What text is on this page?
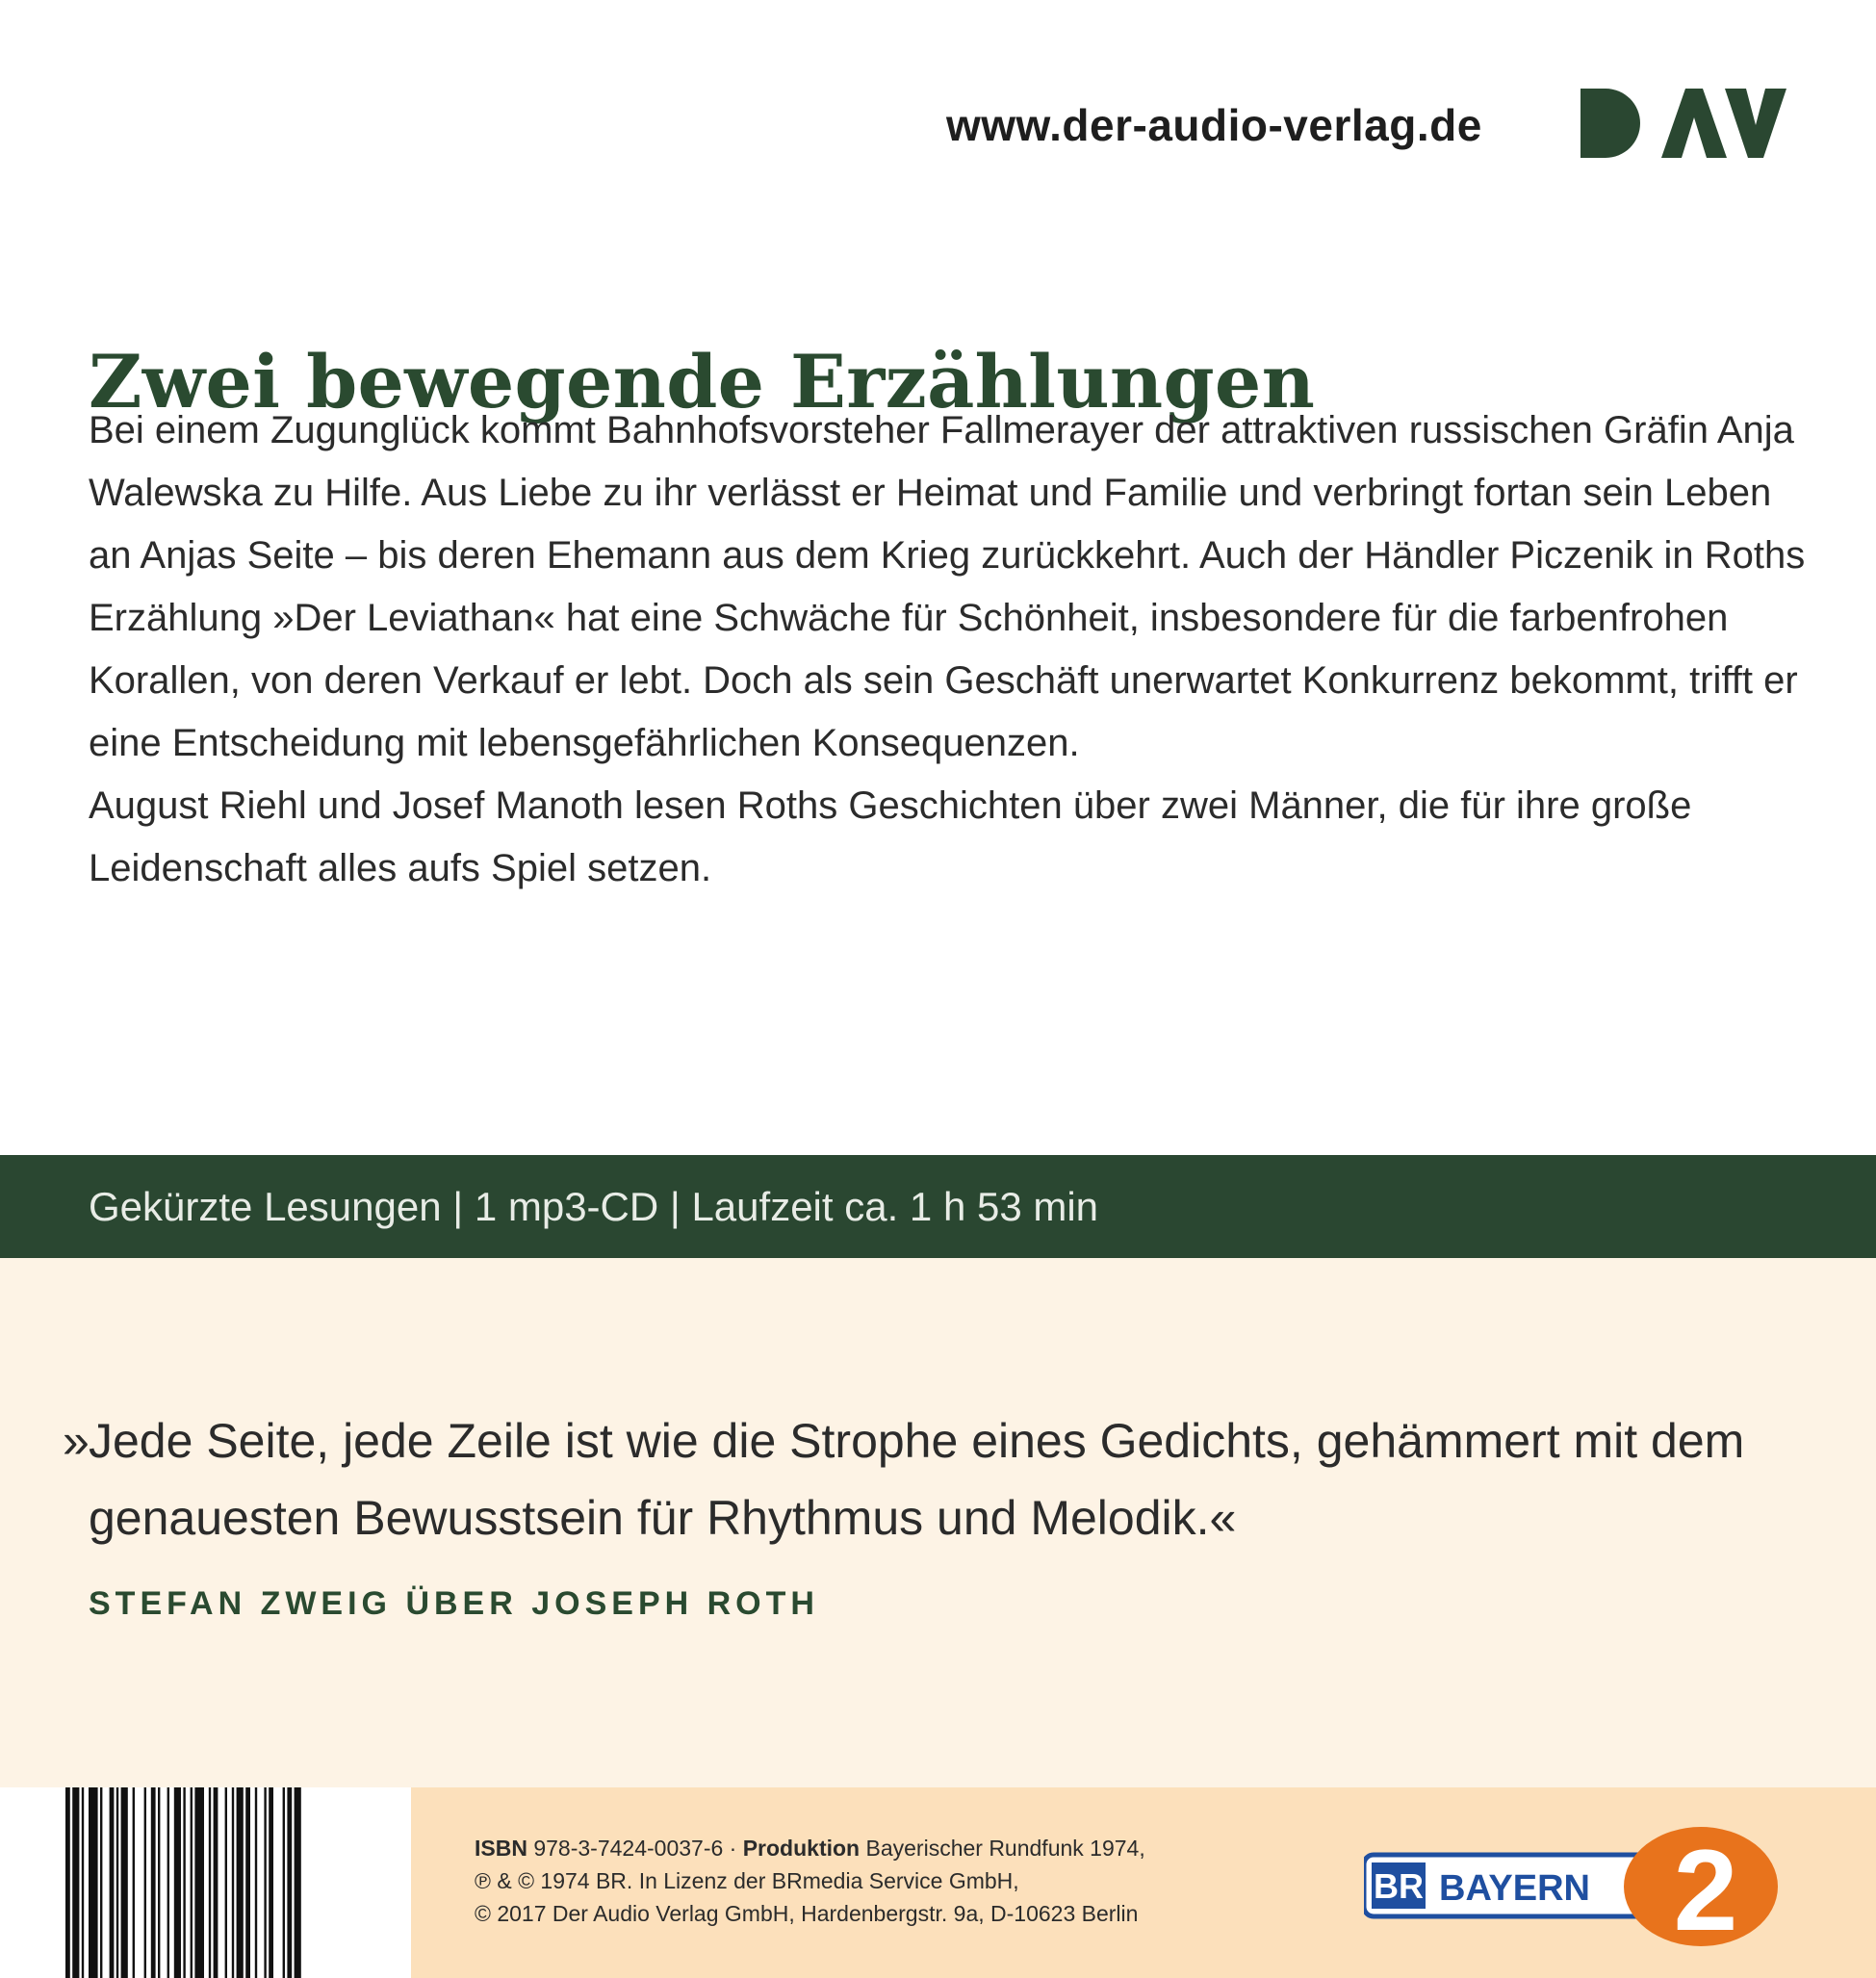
www.der-audio-verlag.de
Zwei bewegende Erzählungen

Bei einem Zugunglück kommt Bahnhofsvorsteher Fallmerayer der attraktiven russischen Gräfin Anja Walewska zu Hilfe. Aus Liebe zu ihr verlässt er Heimat und Familie und verbringt fortan sein Leben an Anjas Seite – bis deren Ehemann aus dem Krieg zurückkehrt. Auch der Händler Piczenik in Roths Erzählung »Der Leviathan« hat eine Schwäche für Schönheit, insbesondere für die farbenfrohen Korallen, von deren Verkauf er lebt. Doch als sein Geschäft unerwartet Konkurrenz bekommt, trifft er eine Entscheidung mit lebensgefährlichen Konsequenzen.

August Riehl und Josef Manoth lesen Roths Geschichten über zwei Männer, die für ihre große Leidenschaft alles aufs Spiel setzen.

Gekürzte Lesungen | 1 mp3-CD | Laufzeit ca. 1 h 53 min

» Jede Seite, jede Zeile ist wie die Strophe eines Gedichts, gehämmert mit dem genauesten Bewusstsein für Rhythmus und Melodik.«

STEFAN ZWEIG ÜBER JOSEPH ROTH
ISBN 978-3-7424-0037-6 · Produktion Bayerischer Rundfunk 1974,
℗ & © 1974 BR. In Lizenz der BRmedia Service GmbH,
© 2017 Der Audio Verlag GmbH, Hardenbergstr. 9a, D-10623 Berlin
BR BAYERN 2
